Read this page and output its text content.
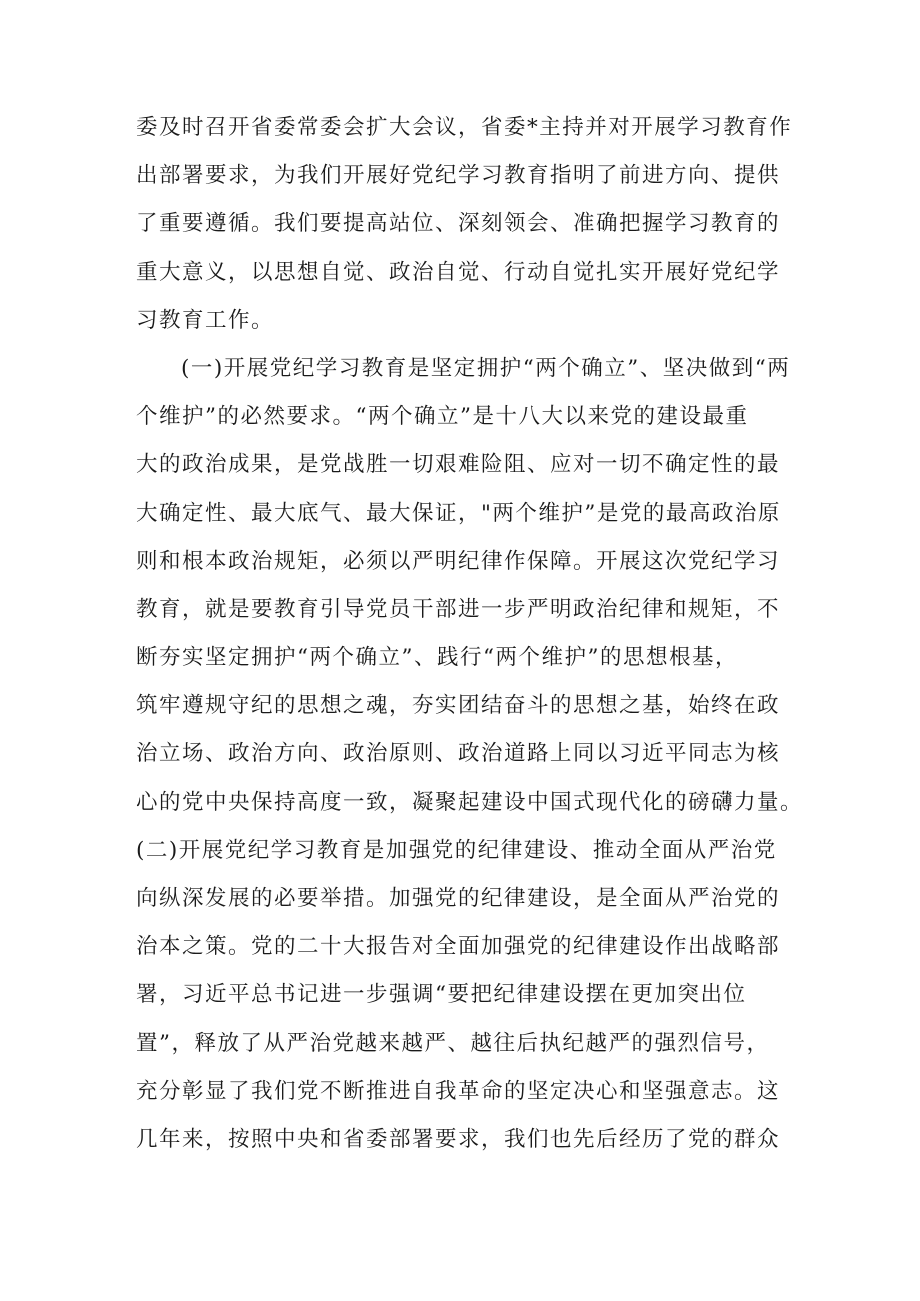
委及时召开省委常委会扩大会议，省委*主持并对开展学习教育作
出部署要求，为我们开展好党纪学习教育指明了前进方向、提供
了重要遵循。我们要提高站位、深刻领会、准确把握学习教育的
重大意义，以思想自觉、政治自觉、行动自觉扎实开展好党纪学
习教育工作。
(一)开展党纪学习教育是坚定拥护“两个确立”、坚决做到“两
个维护”的必然要求。“两个确立”是十八大以来党的建设最重
大的政治成果，是党战胜一切艰难险阻、应对一切不确定性的最
大确定性、最大底气、最大保证，"两个维护”是党的最高政治原
则和根本政治规矩，必须以严明纪律作保障。开展这次党纪学习
教育，就是要教育引导党员干部进一步严明政治纪律和规矩，不
断夯实坚定拥护“两个确立”、践行“两个维护”的思想根基，
筑牢遵规守纪的思想之魂，夯实团结奋斗的思想之基，始终在政
治立场、政治方向、政治原则、政治道路上同以习近平同志为核
心的党中央保持高度一致，凝聚起建设中国式现代化的磅礴力量。
(二)开展党纪学习教育是加强党的纪律建设、推动全面从严治党
向纵深发展的必要举措。加强党的纪律建设，是全面从严治党的
治本之策。党的二十大报告对全面加强党的纪律建设作出战略部
署，习近平总书记进一步强调“要把纪律建设摆在更加突出位
置”，释放了从严治党越来越严、越往后执纪越严的强烈信号，
充分彰显了我们党不断推进自我革命的坚定决心和坚强意志。这
几年来，按照中央和省委部署要求，我们也先后经历了党的群众
